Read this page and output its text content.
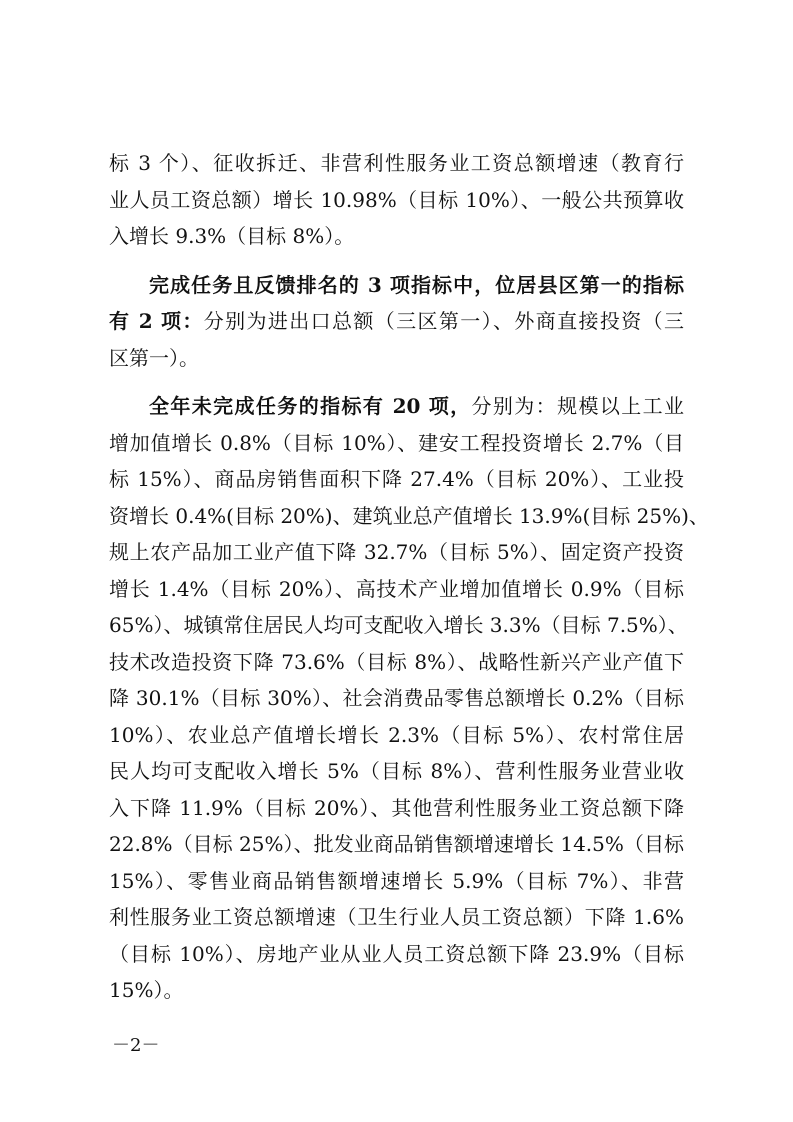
标 3 个）、征收拆迁、非营利性服务业工资总额增速（教育行
业人员工资总额）增长 10.98%（目标 10%）、一般公共预算收
入增长 9.3%（目标 8%）。
完成任务且反馈排名的 3 项指标中，位居县区第一的指标
有 2 项：分别为进出口总额（三区第一）、外商直接投资（三
区第一）。
全年未完成任务的指标有 20 项，分别为：规模以上工业
增加值增长 0.8%（目标 10%）、建安工程投资增长 2.7%（目
标 15%）、商品房销售面积下降 27.4%（目标 20%）、工业投
资增长 0.4%(目标 20%)、建筑业总产值增长 13.9%(目标 25%)、
规上农产品加工业产值下降 32.7%（目标 5%）、固定资产投资
增长 1.4%（目标 20%）、高技术产业增加值增长 0.9%（目标
65%）、城镇常住居民人均可支配收入增长 3.3%（目标 7.5%）、
技术改造投资下降 73.6%（目标 8%）、战略性新兴产业产值下
降 30.1%（目标 30%）、社会消费品零售总额增长 0.2%（目标
10%）、农业总产值增长增长 2.3%（目标 5%）、农村常住居
民人均可支配收入增长 5%（目标 8%）、营利性服务业营业收
入下降 11.9%（目标 20%）、其他营利性服务业工资总额下降
22.8%（目标 25%）、批发业商品销售额增速增长 14.5%（目标
15%）、零售业商品销售额增速增长 5.9%（目标 7%）、非营
利性服务业工资总额增速（卫生行业人员工资总额）下降 1.6%
（目标 10%）、房地产业从业人员工资总额下降 23.9%（目标
15%）。
－2－
